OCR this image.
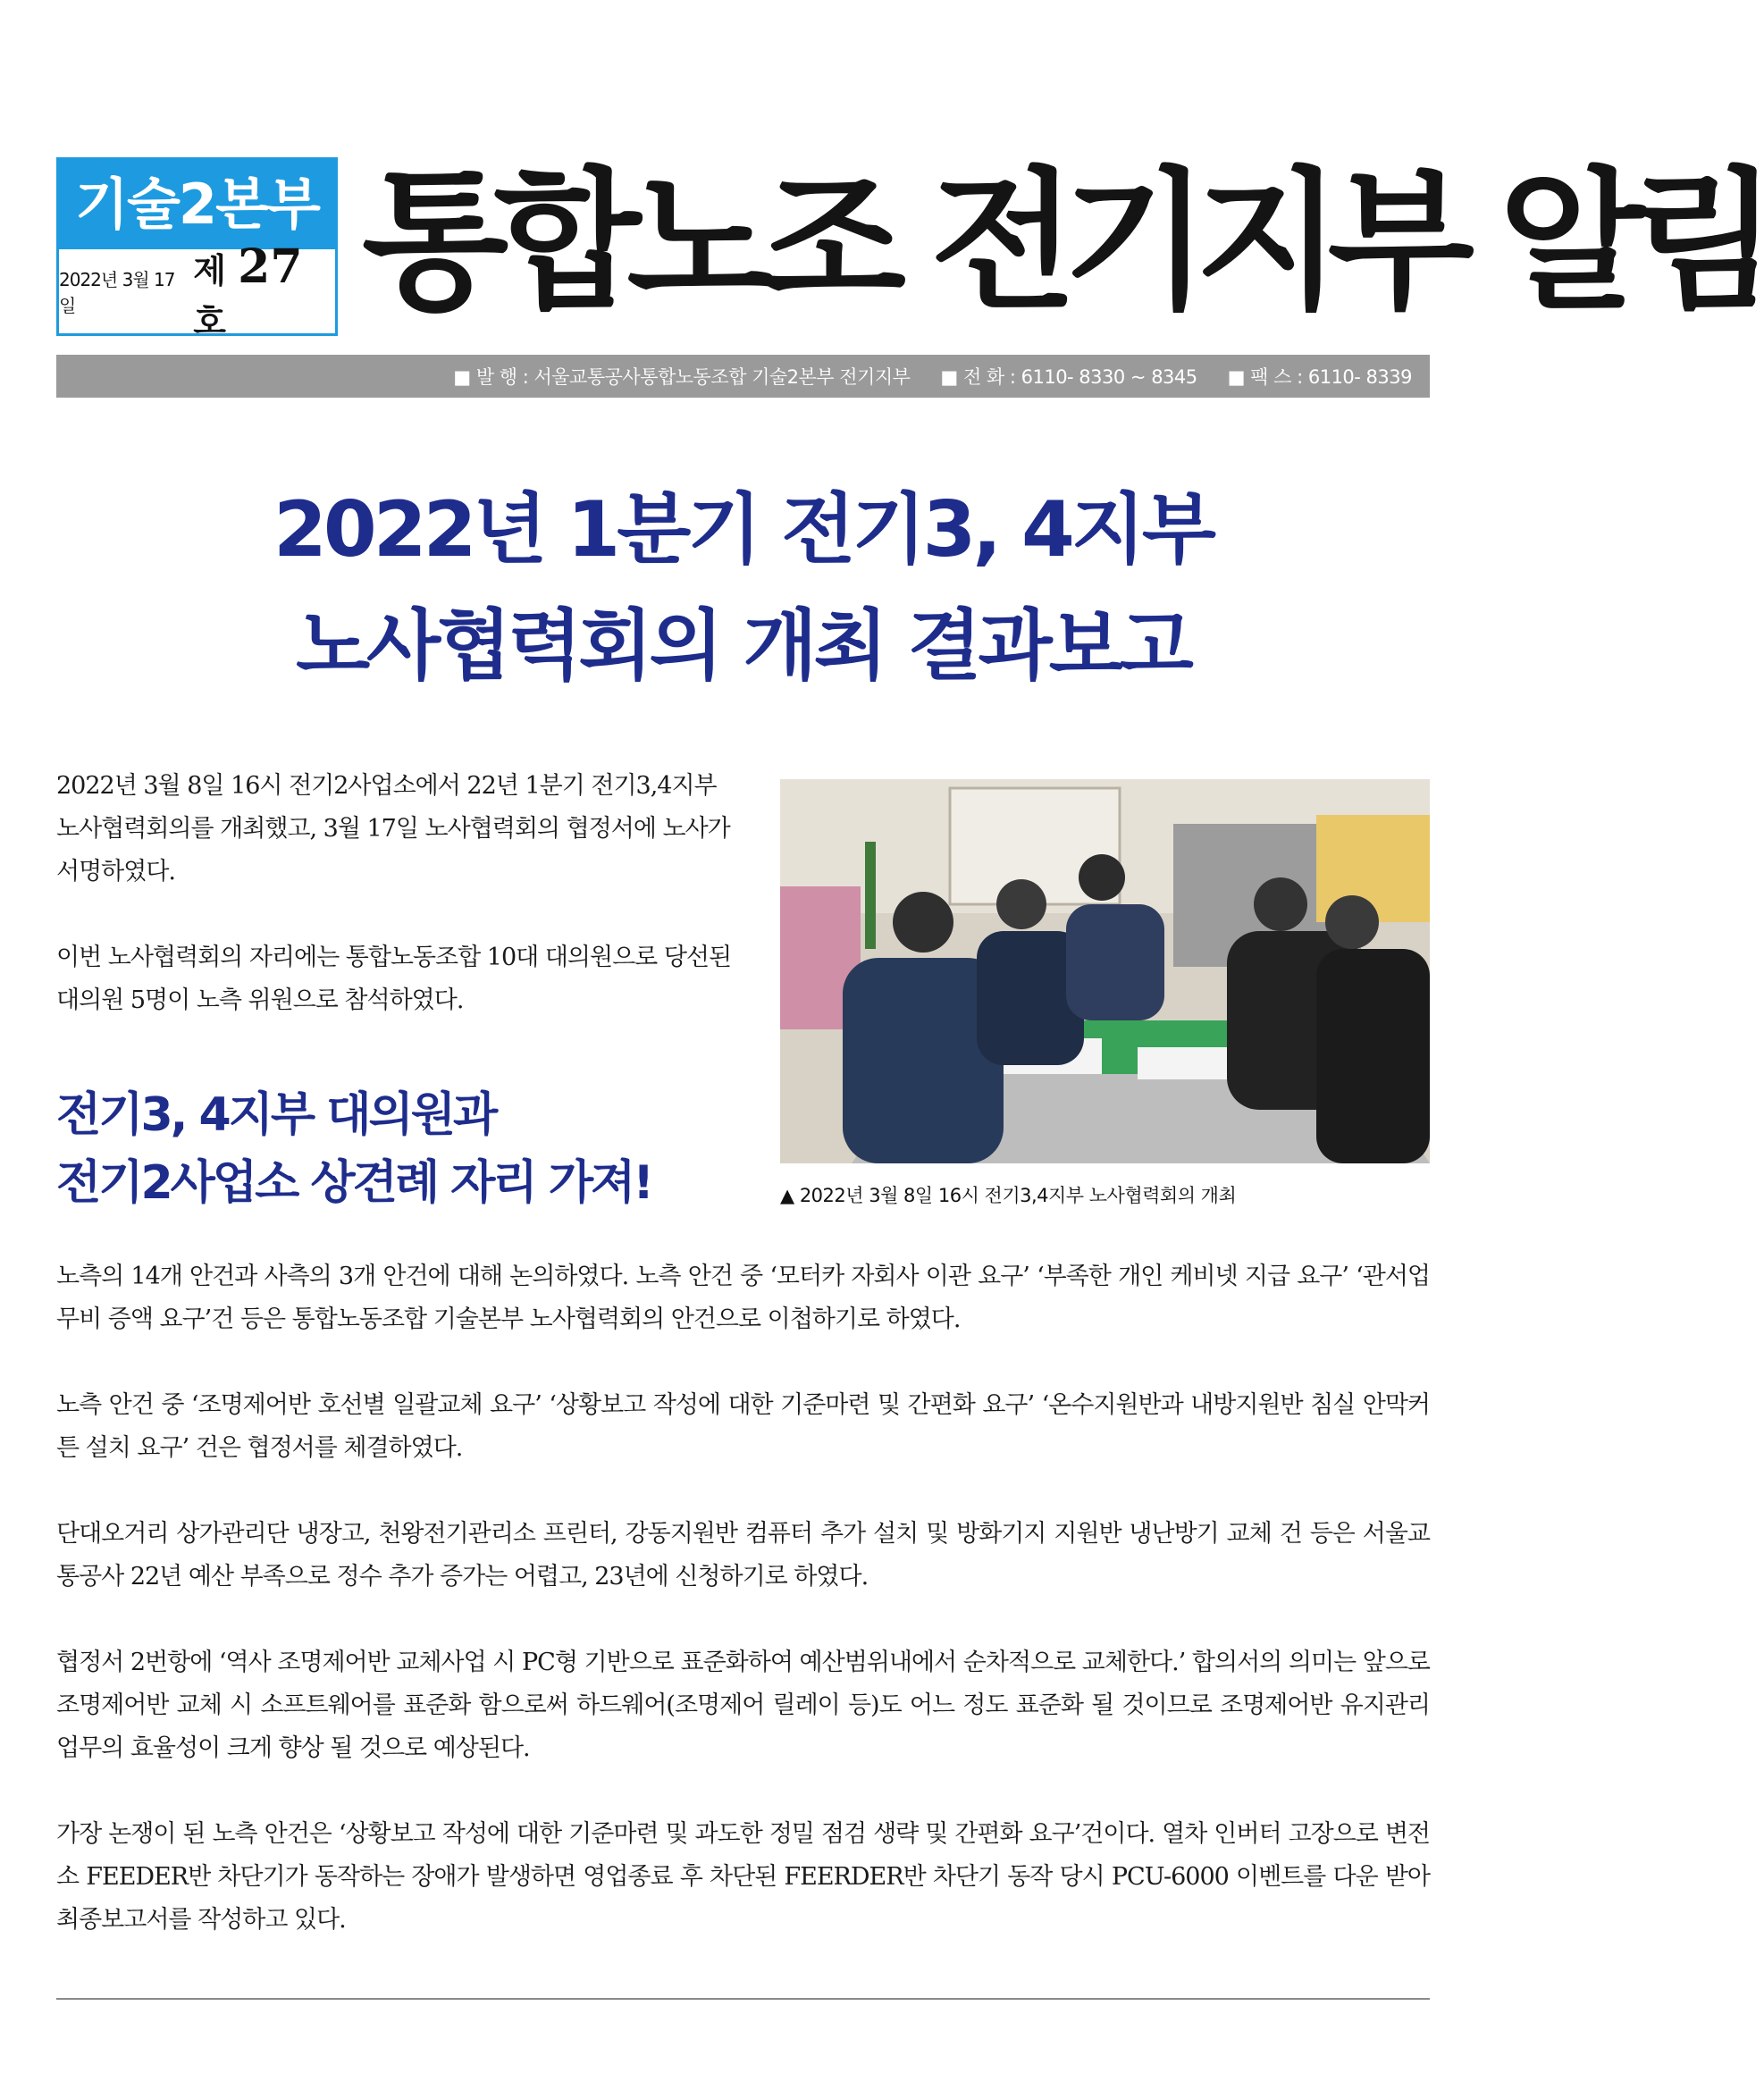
기술2본부
2022년 3월 17일
제 27 호 통합노조 전기지부 알림
■ 발 행 : 서울교통공사통합노동조합 기술2본부 전기지부 ■ 전 화 : 6110- 8330 ~ 8345 ■ 팩 스 : 6110- 8339
2022년 1분기 전기3, 4지부
노사협력회의 개최 결과보고

2022년 3월 8일 16시 전기2사업소에서 22년 1분기 전기3,4지부 노사협력회의를 개최했고, 3월 17일 노사협력회의 협정서에 노사가 서명하였다.

이번 노사협력회의 자리에는 통합노동조합 10대 대의원으로 당선된 대의원 5명이 노측 위원으로 참석하였다.

전기3, 4지부 대의원과
전기2사업소 상견례 자리 가져!	▲ 2022년 3월 8일 16시 전기3,4지부 노사협력회의 개최

노측의 14개 안건과 사측의 3개 안건에 대해 논의하였다. 노측 안건 중 ‘모터카 자회사 이관 요구’ ‘부족한 개인 케비넷 지급 요구’ ‘관서업무비 증액 요구’건 등은 통합노동조합 기술본부 노사협력회의 안건으로 이첩하기로 하였다.

노측 안건 중 ‘조명제어반 호선별 일괄교체 요구’ ‘상황보고 작성에 대한 기준마련 및 간편화 요구’ ‘온수지원반과 내방지원반 침실 안막커튼 설치 요구’ 건은 협정서를 체결하였다.

단대오거리 상가관리단 냉장고, 천왕전기관리소 프린터, 강동지원반 컴퓨터 추가 설치 및 방화기지 지원반 냉난방기 교체 건 등은 서울교통공사 22년 예산 부족으로 정수 추가 증가는 어렵고, 23년에 신청하기로 하였다.

협정서 2번항에 ‘역사 조명제어반 교체사업 시 PC형 기반으로 표준화하여 예산범위내에서 순차적으로 교체한다.’ 합의서의 의미는 앞으로 조명제어반 교체 시 소프트웨어를 표준화 함으로써 하드웨어(조명제어 릴레이 등)도 어느 정도 표준화 될 것이므로 조명제어반 유지관리 업무의 효율성이 크게 향상 될 것으로 예상된다.

가장 논쟁이 된 노측 안건은 ‘상황보고 작성에 대한 기준마련 및 과도한 정밀 점검 생략 및 간편화 요구’건이다. 열차 인버터 고장으로 변전소 FEEDER반 차단기가 동작하는 장애가 발생하면 영업종료 후 차단된 FEERDER반 차단기 동작 당시 PCU-6000 이벤트를 다운 받아 최종보고서를 작성하고 있다.
